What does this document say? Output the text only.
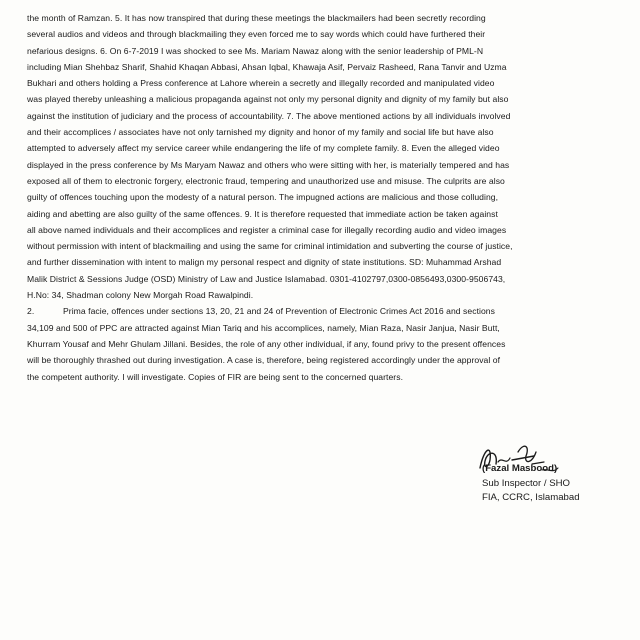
the month of Ramzan. 5. It has now transpired that during these meetings the blackmailers had been secretly recording
several audios and videos and through blackmailing they even forced me to say words which could have furthered their
nefarious designs. 6. On 6-7-2019 I was shocked to see Ms. Mariam Nawaz along with the senior leadership of PML-N
including Mian Shehbaz Sharif, Shahid Khaqan Abbasi, Ahsan Iqbal, Khawaja Asif, Pervaiz Rasheed, Rana Tanvir and Uzma
Bukhari and others holding a Press conference at Lahore wherein a secretly and illegally recorded and manipulated video
was played thereby unleashing a malicious propaganda against not only my personal dignity and dignity of my family but also
against the institution of judiciary and the process of accountability. 7. The above mentioned actions by all individuals involved
and their accomplices / associates have not only tarnished my dignity and honor of my family and social life but have also
attempted to adversely affect my service career while endangering the life of my complete family. 8. Even the alleged video
displayed in the press conference by Ms Maryam Nawaz and others who were sitting with her, is materially tempered and has
exposed all of them to electronic forgery, electronic fraud, tempering and unauthorized use and misuse. The culprits are also
guilty of offences touching upon the modesty of a natural person. The impugned actions are malicious and those colluding,
aiding and abetting are also guilty of the same offences. 9. It is therefore requested that immediate action be taken against
all above named individuals and their accomplices and register a criminal case for illegally recording audio and video images
without permission with intent of blackmailing and using the same for criminal intimidation and subverting the course of justice,
and further dissemination with intent to malign my personal respect and dignity of state institutions. SD: Muhammad Arshad
Malik District & Sessions Judge (OSD) Ministry of Law and Justice Islamabad. 0301-4102797,0300-0856493,0300-9506743,
H.No: 34, Shadman colony New Morgah Road Rawalpindi.
2.	Prima facie, offences under sections 13, 20, 21 and 24 of Prevention of Electronic Crimes Act 2016 and sections
34,109 and 500 of PPC are attracted against Mian Tariq and his accomplices, namely, Mian Raza, Nasir Janjua, Nasir Butt,
Khurram Yousaf and Mehr Ghulam Jillani. Besides, the role of any other individual, if any, found privy to the present offences
will be thoroughly thrashed out during investigation. A case is, therefore, being registered accordingly under the approval of
the competent authority. I will investigate. Copies of FIR are being sent to the concerned quarters.
(Fazal Masbood)
Sub Inspector / SHO
FIA, CCRC, Islamabad
